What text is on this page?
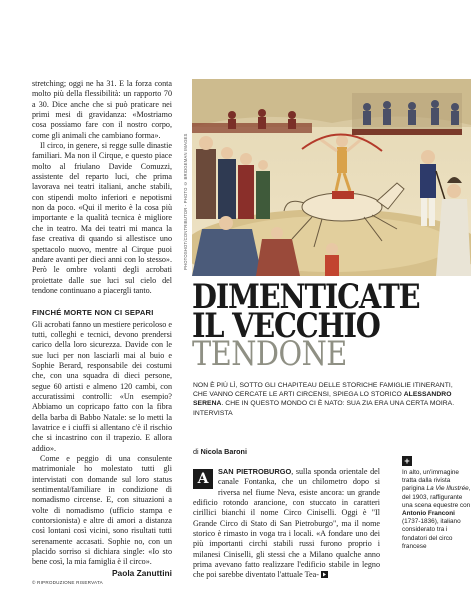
stretching; oggi ne ha 31. E la forza conta molto più della flessibilità: un rapporto 70 a 30. Dice anche che si può praticare nei primi mesi di gravidanza: «Mostriamo cosa possiamo fare con il nostro corpo, come gli animali che cambiano forma».

Il circo, in genere, si regge sulle dinastie familiari. Ma non il Cirque, e questo piace molto al friulano Davide Comuzzi, assistente del reparto luci, che prima lavorava nei teatri italiani, anche stabili, con stipendi molto inferiori e nepotismi non da poco. «Qui il merito è la cosa più importante e la qualità tecnica è migliore che in teatro. Ma dei teatri mi manca la fase creativa di quando si allestisce uno spettacolo nuovo, mentre al Cirque puoi andare avanti per dieci anni con lo stesso». Però le ombre volanti degli acrobati proiettate dalle sue luci sul cielo del tendone continuano a piacergli tanto.

FINCHÉ MORTE NON CI SEPARI

Gli acrobati fanno un mestiere pericoloso e tutti, colleghi e tecnici, devono prendersi carico della loro sicurezza. Davide con le sue luci per non lasciarli mai al buio e Sophie Berard, responsabile dei costumi che, con una squadra di dieci persone, segue 60 artisti e almeno 120 cambi, con accuratissimi controlli: «Un esempio? Abbiamo un copricapo fatto con la fibra della barba di Babbo Natale: se lo metti la lavatrice e i ciuffi si allentano c'è il rischio che si incastrino con il trapezio. E allora addio».

Come e peggio di una consulente matrimoniale ho molestato tutti gli intervistati con domande sul loro status sentimental/familiare in condizione di nomadismo circense. E, con situazioni a volte di nomadismo (ufficio stampa e contorsionista) e altre di amori a distanza così lontani così vicini, sono risultati tutti serenamente accasati. Sophie no, con un placido sorriso si dichiara single: «Io sto bene così, la mia famiglia è il circo».

Paola Zanuttini
© RIPRODUZIONE RISERVATA
PHOTOSHOT/CONTRIBUTOR - PHOTO © BRIDGEMAN IMAGES
DIMENTICATE
IL VECCHIO
TENDONE
NON È PIÙ LÌ, SOTTO GLI CHAPITEAU DELLE STORICHE FAMIGLIE ITINERANTI, CHE VANNO CERCATE LE ARTI CIRCENSI, SPIEGA LO STORICO ALESSANDRO SERENA. CHE IN QUESTO MONDO CI È NATO: SUA ZIA ERA UNA CERTA MOIRA. INTERVISTA
di Nicola Baroni
A	SAN PIETROBURGO, sulla sponda orientale del canale Fontanka, che un chilometro dopo si riversa nel fiume Neva, esiste ancora: un grande edificio rotondo arancione, con stuccato in caratteri cirillici bianchi il nome Circo Ciniselli. Oggi è "Il Grande Circo di Stato di San Pietroburgo", ma il nome storico è rimasto in voga tra i locali. «A fondare uno dei più importanti circhi stabili russi furono proprio i milanesi Ciniselli, gli stessi che a Milano qualche anno prima avevano fatto realizzare l'edificio stabile in legno che poi sarebbe diventato l'attuale Tea-
+
In alto, un'immagine tratta dalla rivista parigina La Vie Illustrée, del 1903, raffigurante una scena equestre con Antonio Franconi (1737-1836), italiano considerato tra i fondatori del circo francese
